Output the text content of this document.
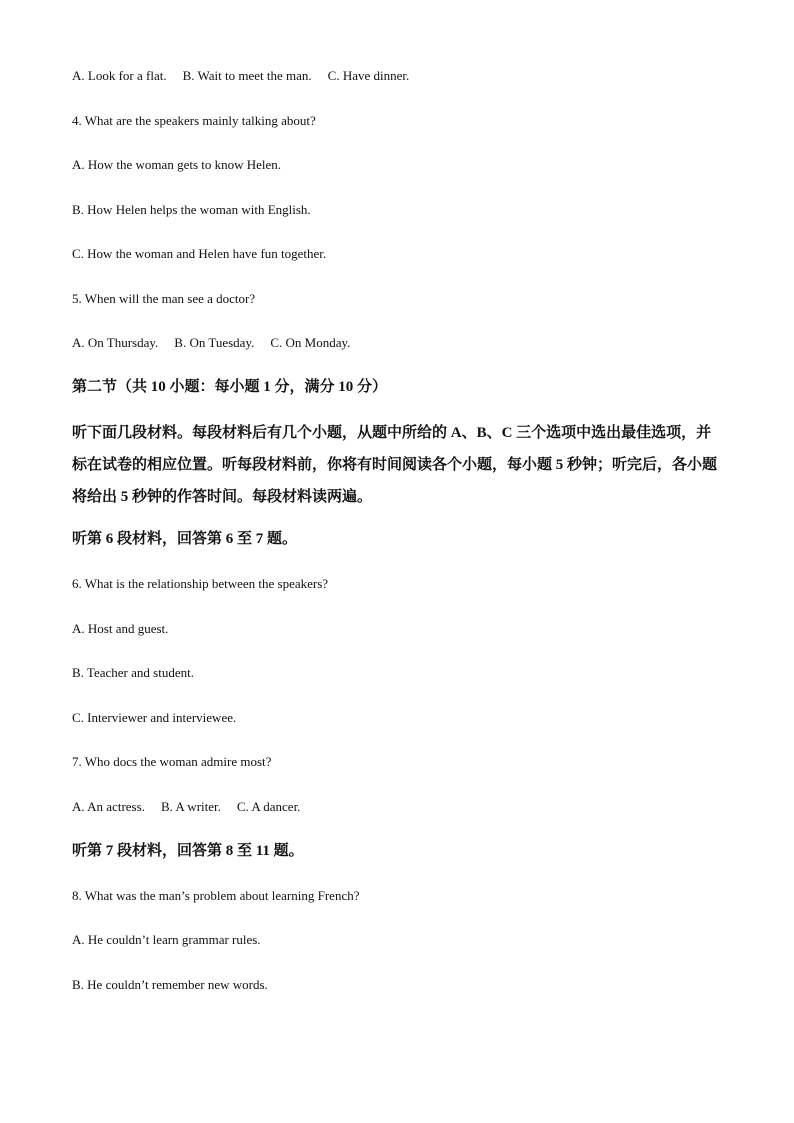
A. Look for a flat. B. Wait to meet the man. C. Have dinner.
4. What are the speakers mainly talking about?
A. How the woman gets to know Helen.
B. How Helen helps the woman with English.
C. How the woman and Helen have fun together.
5. When will the man see a doctor?
A. On Thursday. B. On Tuesday. C. On Monday.
第二节（共 10 小题：每小题 1 分，满分 10 分）
听下面几段材料。每段材料后有几个小题，从题中所给的 A、B、C 三个选项中选出最佳选项，并标在试卷的相应位置。听每段材料前，你将有时间阅读各个小题，每小题 5 秒钟；听完后，各小题将给出 5 秒钟的作答时间。每段材料读两遍。
听第 6 段材料，回答第 6 至 7 题。
6. What is the relationship between the speakers?
A. Host and guest.
B. Teacher and student.
C. Interviewer and interviewee.
7. Who docs the woman admire most?
A. An actress. B. A writer. C. A dancer.
听第 7 段材料，回答第 8 至 11 题。
8. What was the man’s problem about learning French?
A. He couldn’t learn grammar rules.
B. He couldn’t remember new words.
